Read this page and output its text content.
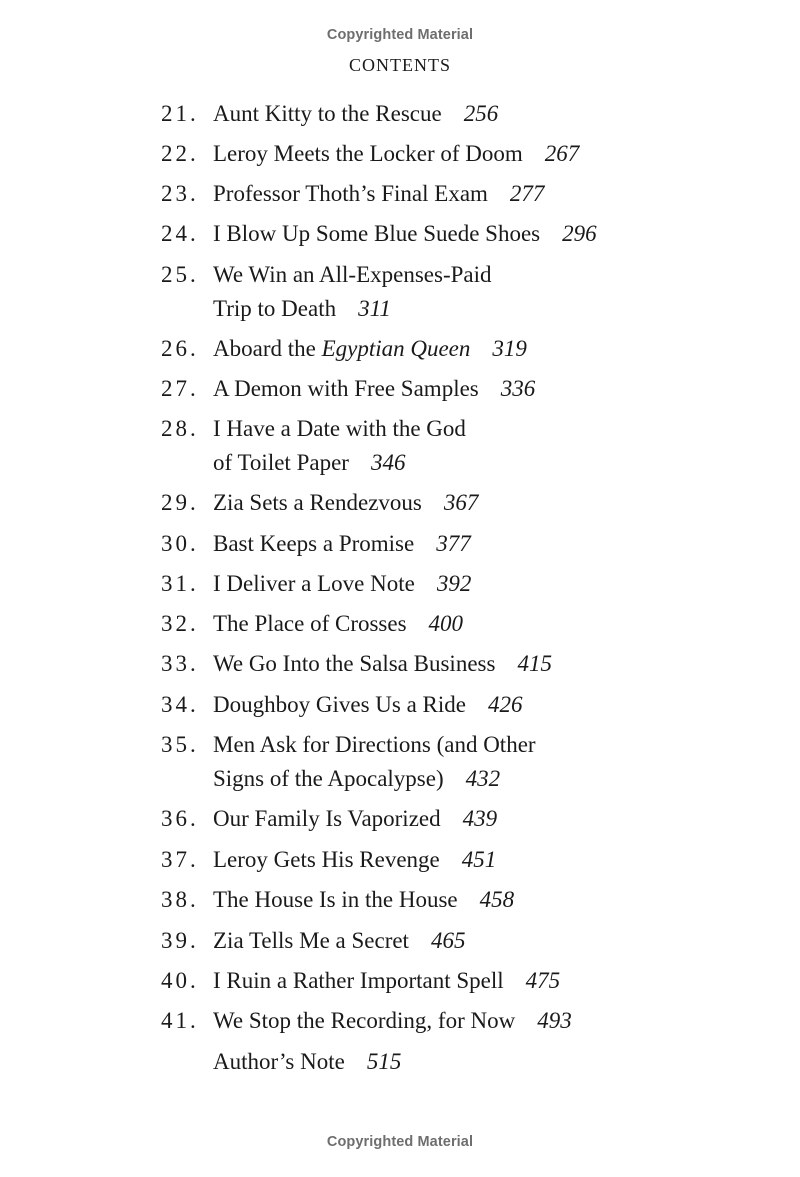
Copyrighted Material
CONTENTS
21. Aunt Kitty to the Rescue 256
22. Leroy Meets the Locker of Doom 267
23. Professor Thoth’s Final Exam 277
24. I Blow Up Some Blue Suede Shoes 296
25. We Win an All-Expenses-Paid
Trip to Death 311
26. Aboard the Egyptian Queen 319
27. A Demon with Free Samples 336
28. I Have a Date with the God
of Toilet Paper 346
29. Zia Sets a Rendezvous 367
30. Bast Keeps a Promise 377
31. I Deliver a Love Note 392
32. The Place of Crosses 400
33. We Go Into the Salsa Business 415
34. Doughboy Gives Us a Ride 426
35. Men Ask for Directions (and Other
Signs of the Apocalypse) 432
36. Our Family Is Vaporized 439
37. Leroy Gets His Revenge 451
38. The House Is in the House 458
39. Zia Tells Me a Secret 465
40. I Ruin a Rather Important Spell 475
41. We Stop the Recording, for Now 493
Author’s Note 515
Copyrighted Material
